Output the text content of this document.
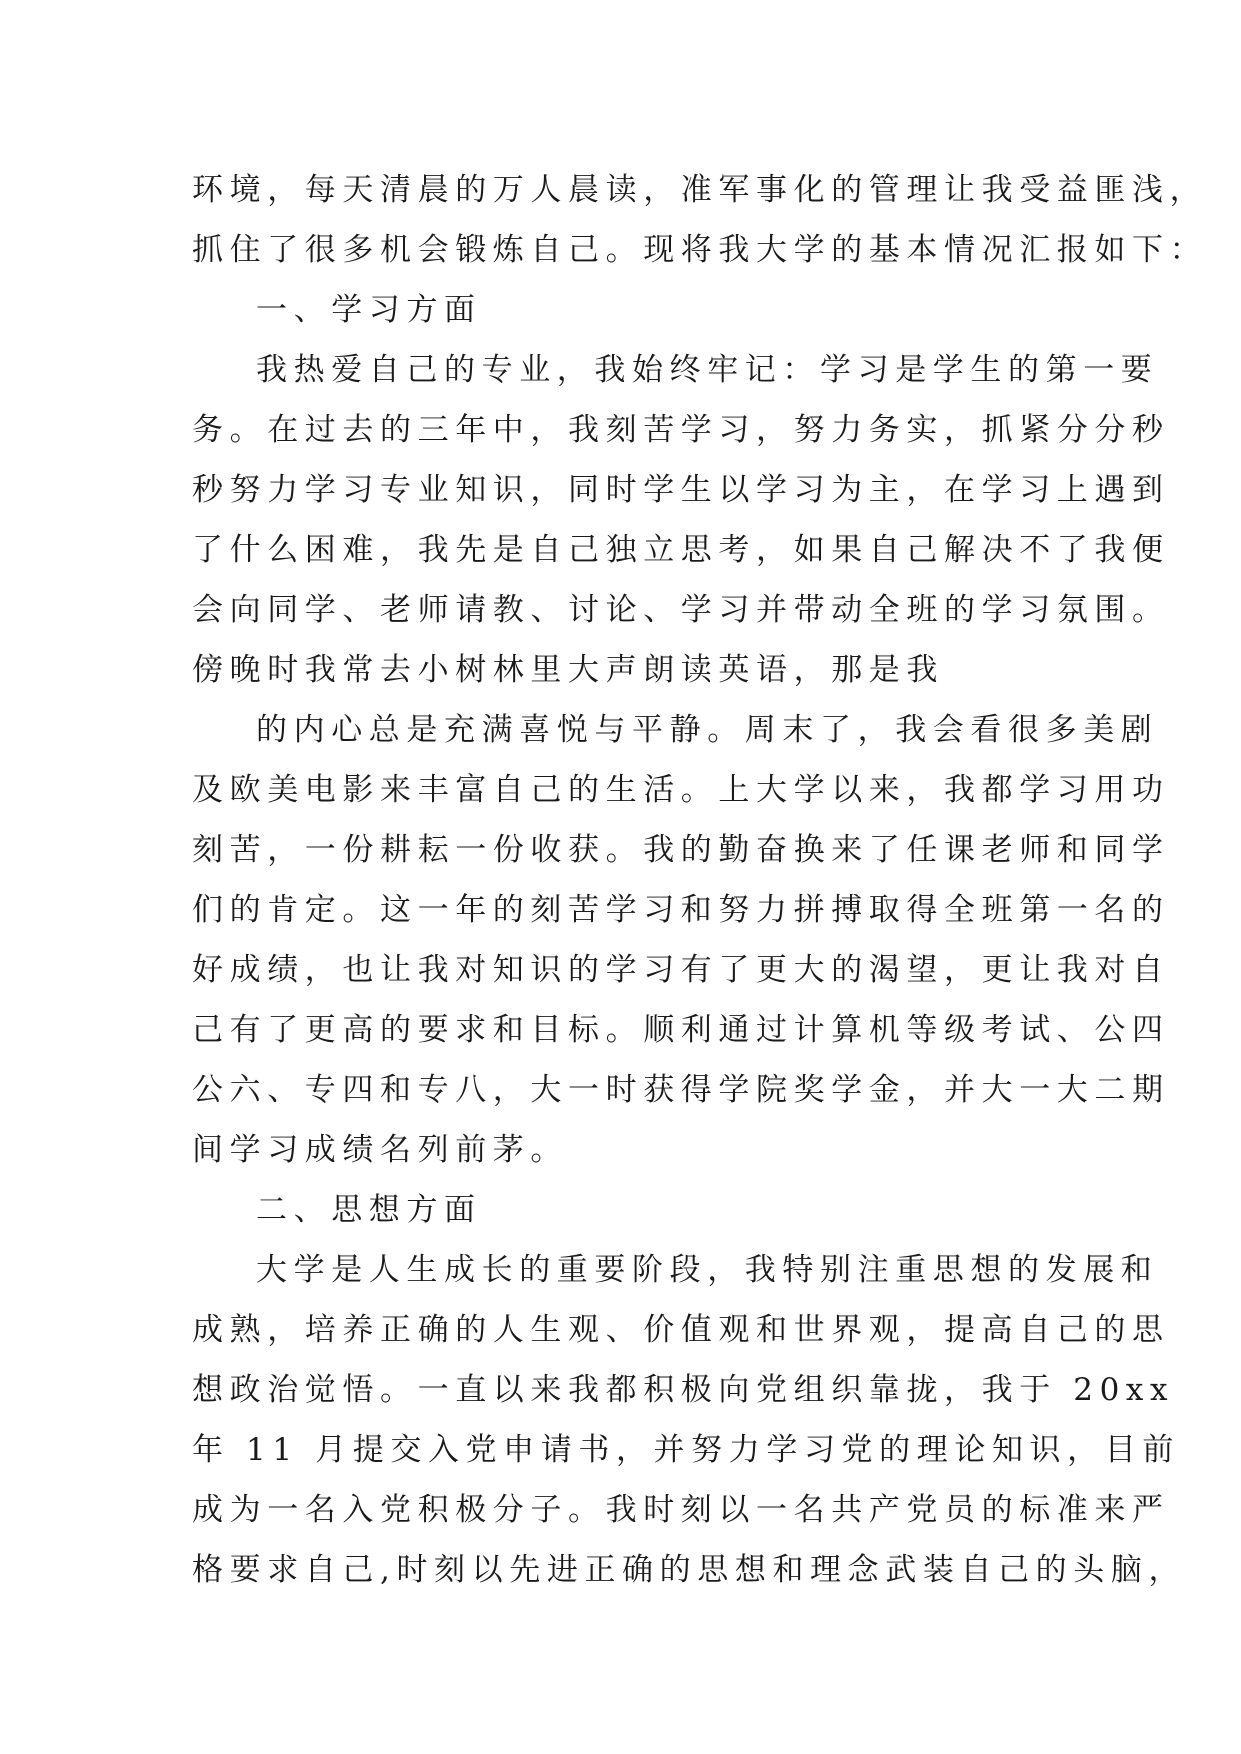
环境，每天清晨的万人晨读，准军事化的管理让我受益匪浅，
抓住了很多机会锻炼自己。现将我大学的基本情况汇报如下：
一、学习方面
我热爱自己的专业，我始终牢记：学习是学生的第一要
务。在过去的三年中，我刻苦学习，努力务实，抓紧分分秒
秒努力学习专业知识，同时学生以学习为主，在学习上遇到
了什么困难，我先是自己独立思考，如果自己解决不了我便
会向同学、老师请教、讨论、学习并带动全班的学习氛围。
傍晚时我常去小树林里大声朗读英语，那是我
的内心总是充满喜悦与平静。周末了，我会看很多美剧
及欧美电影来丰富自己的生活。上大学以来，我都学习用功
刻苦，一份耕耘一份收获。我的勤奋换来了任课老师和同学
们的肯定。这一年的刻苦学习和努力拼搏取得全班第一名的
好成绩，也让我对知识的学习有了更大的渴望，更让我对自
己有了更高的要求和目标。顺利通过计算机等级考试、公四
公六、专四和专八，大一时获得学院奖学金，并大一大二期
间学习成绩名列前茅。
二、思想方面
大学是人生成长的重要阶段，我特别注重思想的发展和
成熟，培养正确的人生观、价值观和世界观，提高自己的思
想政治觉悟。一直以来我都积极向党组织靠拢，我于 20xx
年 11 月提交入党申请书，并努力学习党的理论知识，目前
成为一名入党积极分子。我时刻以一名共产党员的标准来严
格要求自己,时刻以先进正确的思想和理念武装自己的头脑，
